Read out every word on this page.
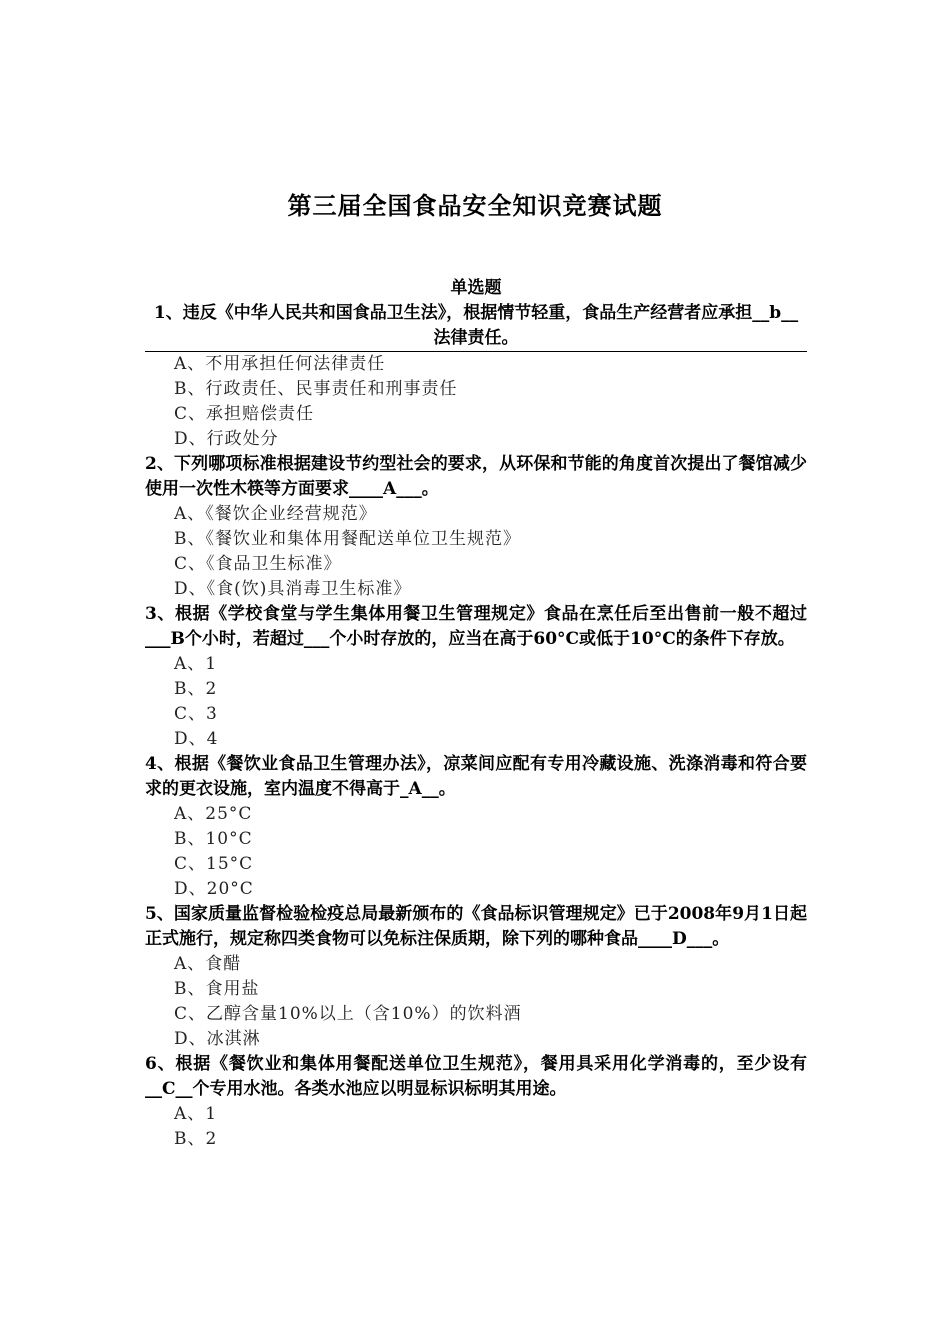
第三届全国食品安全知识竞赛试题
单选题
1、违反《中华人民共和国食品卫生法》，根据情节轻重，食品生产经营者应承担__b__ 法律责任。
A、不用承担任何法律责任
B、行政责任、民事责任和刑事责任
C、承担赔偿责任
D、行政处分
2、下列哪项标准根据建设节约型社会的要求，从环保和节能的角度首次提出了餐馆减少使用一次性木筷等方面要求____A___。
A、《餐饮企业经营规范》
B、《餐饮业和集体用餐配送单位卫生规范》
C、《食品卫生标准》
D、《食(饮)具消毒卫生标准》
3、根据《学校食堂与学生集体用餐卫生管理规定》食品在烹任后至出售前一般不超过___B个小时，若超过___个小时存放的，应当在高于60°C或低于10°C的条件下存放。
A、1
B、2
C、3
D、4
4、根据《餐饮业食品卫生管理办法》，凉菜间应配有专用冷藏设施、洗涤消毒和符合要求的更衣设施，室内温度不得高于_A__。
A、25°C
B、10°C
C、15°C
D、20°C
5、国家质量监督检验检疫总局最新颁布的《食品标识管理规定》已于2008年9月1日起正式施行，规定称四类食物可以免标注保质期，除下列的哪种食品____D___。
A、食醋
B、食用盐
C、乙醇含量10%以上（含10%）的饮料酒
D、冰淇淋
6、根据《餐饮业和集体用餐配送单位卫生规范》，餐用具采用化学消毒的，至少设有__C__个专用水池。各类水池应以明显标识标明其用途。
A、1
B、2
